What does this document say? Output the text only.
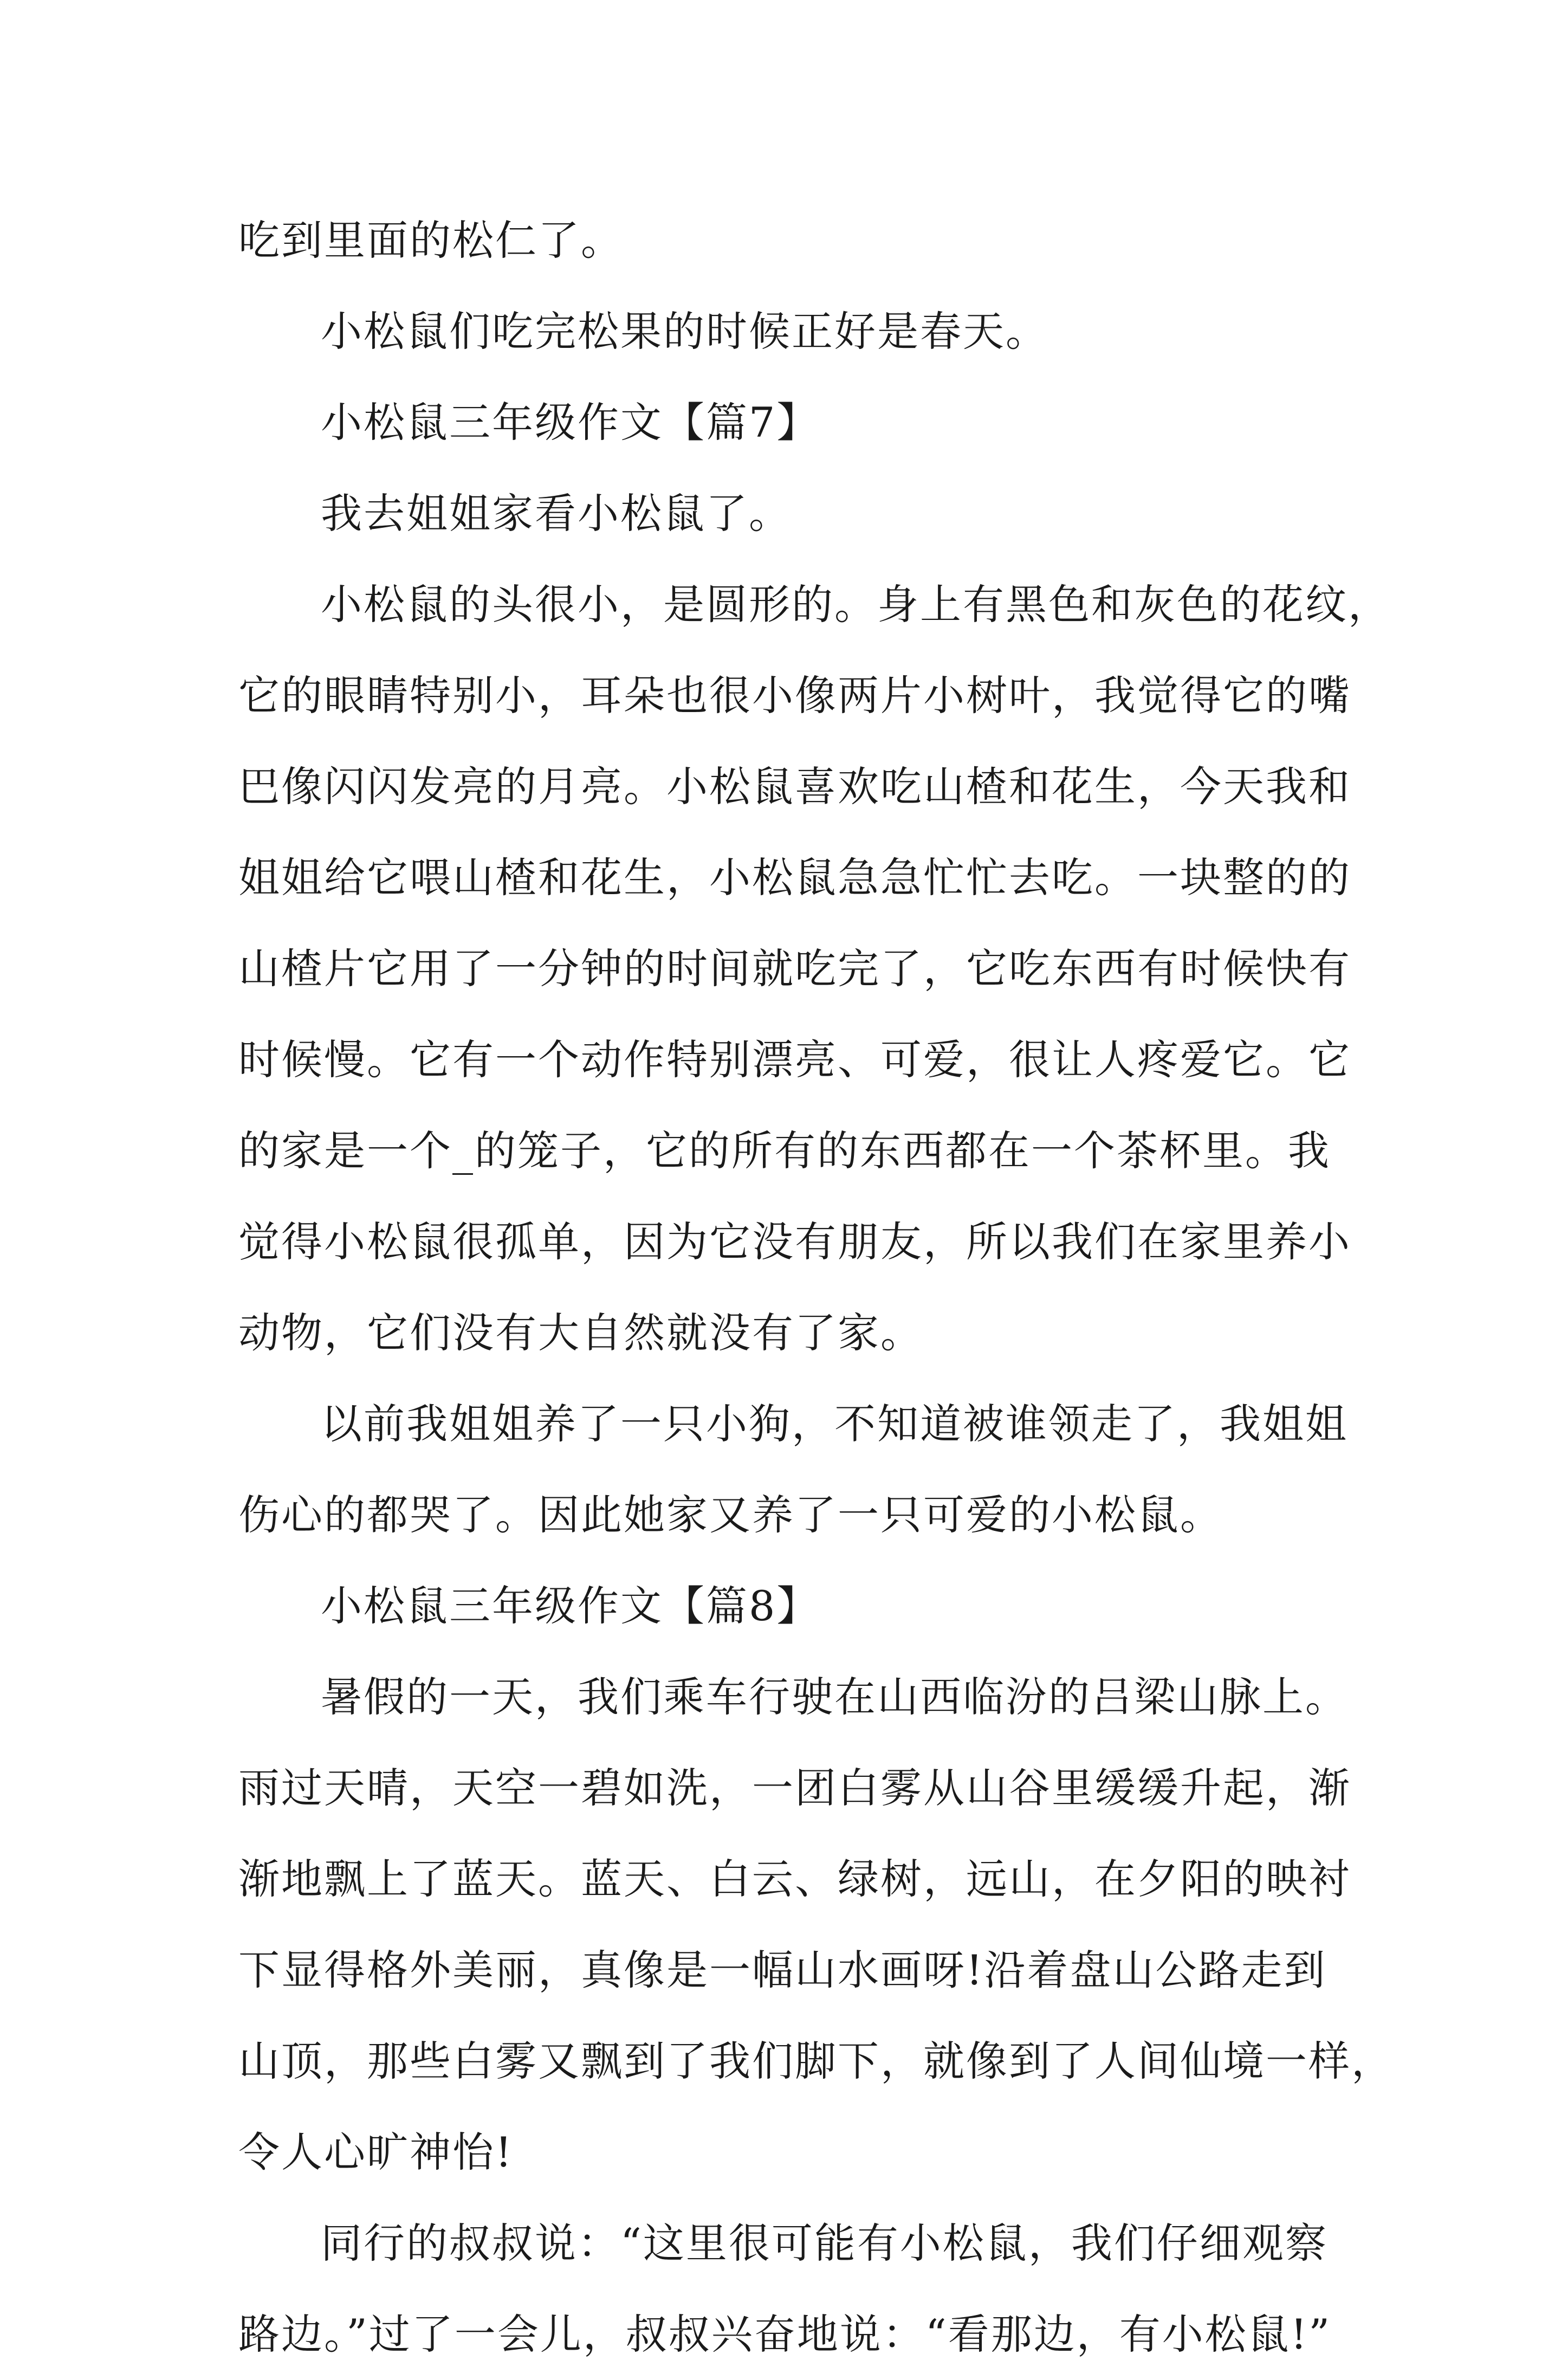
吃到里面的松仁了。
小松鼠们吃完松果的时候正好是春天。
小松鼠三年级作文【篇7】
我去姐姐家看小松鼠了。
小松鼠的头很小，是圆形的。身上有黑色和灰色的花纹，
它的眼睛特别小，耳朵也很小像两片小树叶，我觉得它的嘴
巴像闪闪发亮的月亮。小松鼠喜欢吃山楂和花生，今天我和
姐姐给它喂山楂和花生，小松鼠急急忙忙去吃。一块整的的
山楂片它用了一分钟的时间就吃完了，它吃东西有时候快有
时候慢。它有一个动作特别漂亮、可爱，很让人疼爱它。它
的家是一个_的笼子，它的所有的东西都在一个茶杯里。我
觉得小松鼠很孤单，因为它没有朋友，所以我们在家里养小
动物，它们没有大自然就没有了家。
以前我姐姐养了一只小狗，不知道被谁领走了，我姐姐
伤心的都哭了。因此她家又养了一只可爱的小松鼠。
小松鼠三年级作文【篇8】
暑假的一天，我们乘车行驶在山西临汾的吕梁山脉上。
雨过天晴，天空一碧如洗，一团白雾从山谷里缓缓升起，渐
渐地飘上了蓝天。蓝天、白云、绿树，远山，在夕阳的映衬
下显得格外美丽，真像是一幅山水画呀!沿着盘山公路走到
山顶，那些白雾又飘到了我们脚下，就像到了人间仙境一样，
令人心旷神怡!
同行的叔叔说：“这里很可能有小松鼠，我们仔细观察
路边。”过了一会儿，叔叔兴奋地说：“看那边，有小松鼠!”
